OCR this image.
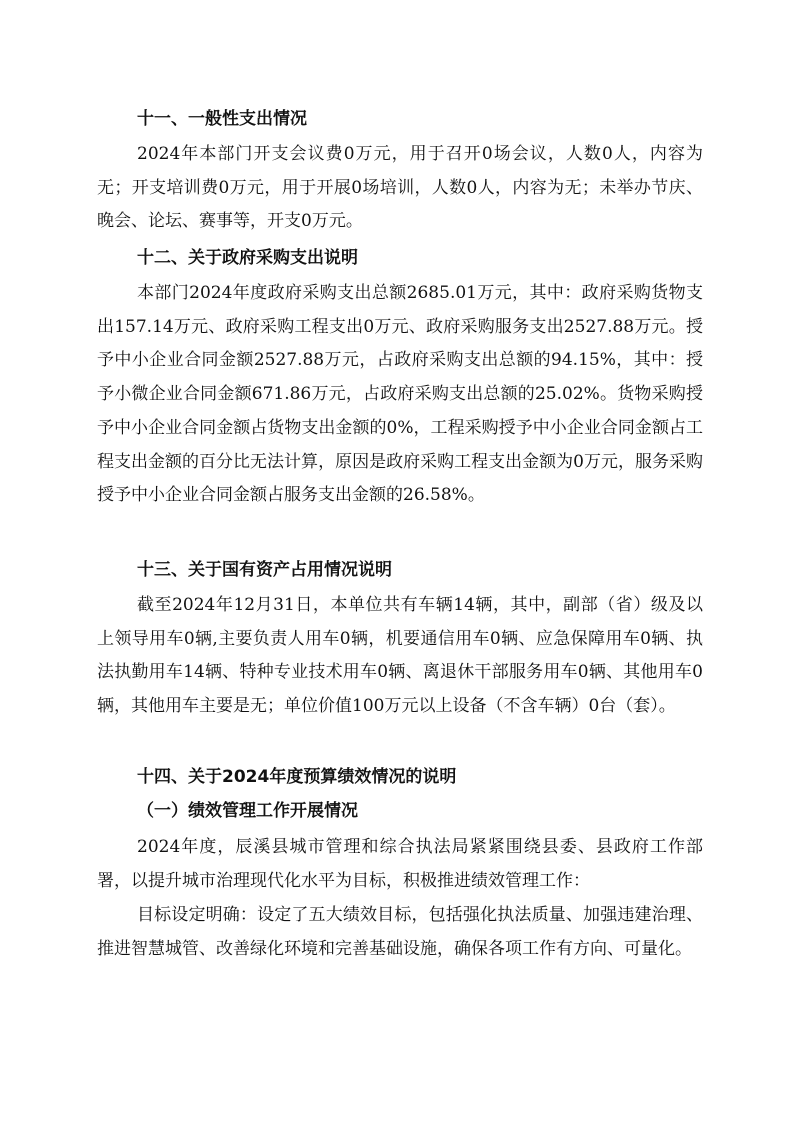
十一、一般性支出情况

2024年本部门开支会议费0万元，用于召开0场会议，人数0人，内容为无；开支培训费0万元，用于开展0场培训，人数0人，内容为无；未举办节庆、晚会、论坛、赛事等，开支0万元。

十二、关于政府采购支出说明

本部门2024年度政府采购支出总额2685.01万元，其中：政府采购货物支出157.14万元、政府采购工程支出0万元、政府采购服务支出2527.88万元。授予中小企业合同金额2527.88万元，占政府采购支出总额的94.15%，其中：授予小微企业合同金额671.86万元，占政府采购支出总额的25.02%。货物采购授予中小企业合同金额占货物支出金额的0%，工程采购授予中小企业合同金额占工程支出金额的百分比无法计算，原因是政府采购工程支出金额为0万元，服务采购授予中小企业合同金额占服务支出金额的26.58%。

十三、关于国有资产占用情况说明

截至2024年12月31日，本单位共有车辆14辆，其中，副部（省）级及以上领导用车0辆,主要负责人用车0辆，机要通信用车0辆、应急保障用车0辆、执法执勤用车14辆、特种专业技术用车0辆、离退休干部服务用车0辆、其他用车0辆，其他用车主要是无；单位价值100万元以上设备（不含车辆）0台（套）。

十四、关于2024年度预算绩效情况的说明
（一）绩效管理工作开展情况

2024年度，辰溪县城市管理和综合执法局紧紧围绕县委、县政府工作部署，以提升城市治理现代化水平为目标，积极推进绩效管理工作：

目标设定明确：设定了五大绩效目标，包括强化执法质量、加强违建治理、推进智慧城管、改善绿化环境和完善基础设施，确保各项工作有方向、可量化。
